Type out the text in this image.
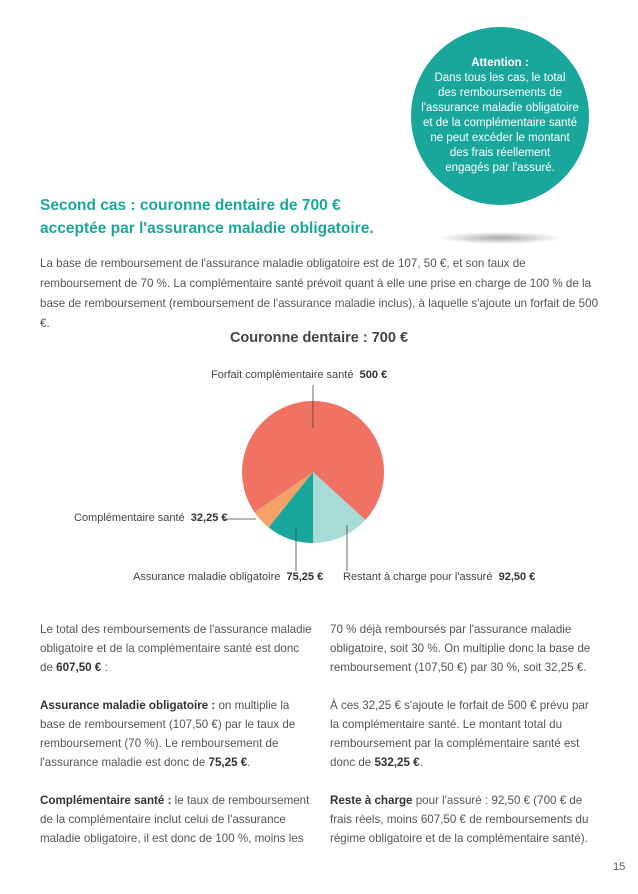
Attention :
Dans tous les cas, le total
des remboursements de
l'assurance maladie obligatoire
et de la complémentaire santé
ne peut excéder le montant
des frais réellement
engagés par l'assuré.
Second cas : couronne dentaire de 700 €
acceptée par l'assurance maladie obligatoire.

La base de remboursement de l'assurance maladie obligatoire est de 107, 50 €, et son taux de remboursement de 70 %. La complémentaire santé prévoit quant à elle une prise en charge de 100 % de la base de remboursement (remboursement de l'assurance maladie inclus), à laquelle s'ajoute un forfait de 500 €.

Couronne dentaire : 700 €
Forfait complémentaire santé 500 €
Complémentaire santé 32,25 €
Assurance maladie obligatoire 75,25 € Restant à charge pour l'assuré 92,50 €

Le total des remboursements de l'assurance maladie obligatoire et de la complémentaire santé est donc de 607,50 € :

Assurance maladie obligatoire : on multiplie la base de remboursement (107,50 €) par le taux de remboursement (70 %). Le remboursement de l'assurance maladie est donc de 75,25 €.

Complémentaire santé : le taux de remboursement de la complémentaire inclut celui de l'assurance maladie obligatoire, il est donc de 100 %, moins les

70 % déjà remboursés par l'assurance maladie obligatoire, soit 30 %. On multiplie donc la base de remboursement (107,50 €) par 30 %, soit 32,25 €.

À ces 32,25 € s'ajoute le forfait de 500 € prévu par la complémentaire santé. Le montant total du remboursement par la complémentaire santé est donc de 532,25 €.

Reste à charge pour l'assuré : 92,50 € (700 € de frais réels, moins 607,50 € de remboursements du régime obligatoire et de la complémentaire santé).

15
